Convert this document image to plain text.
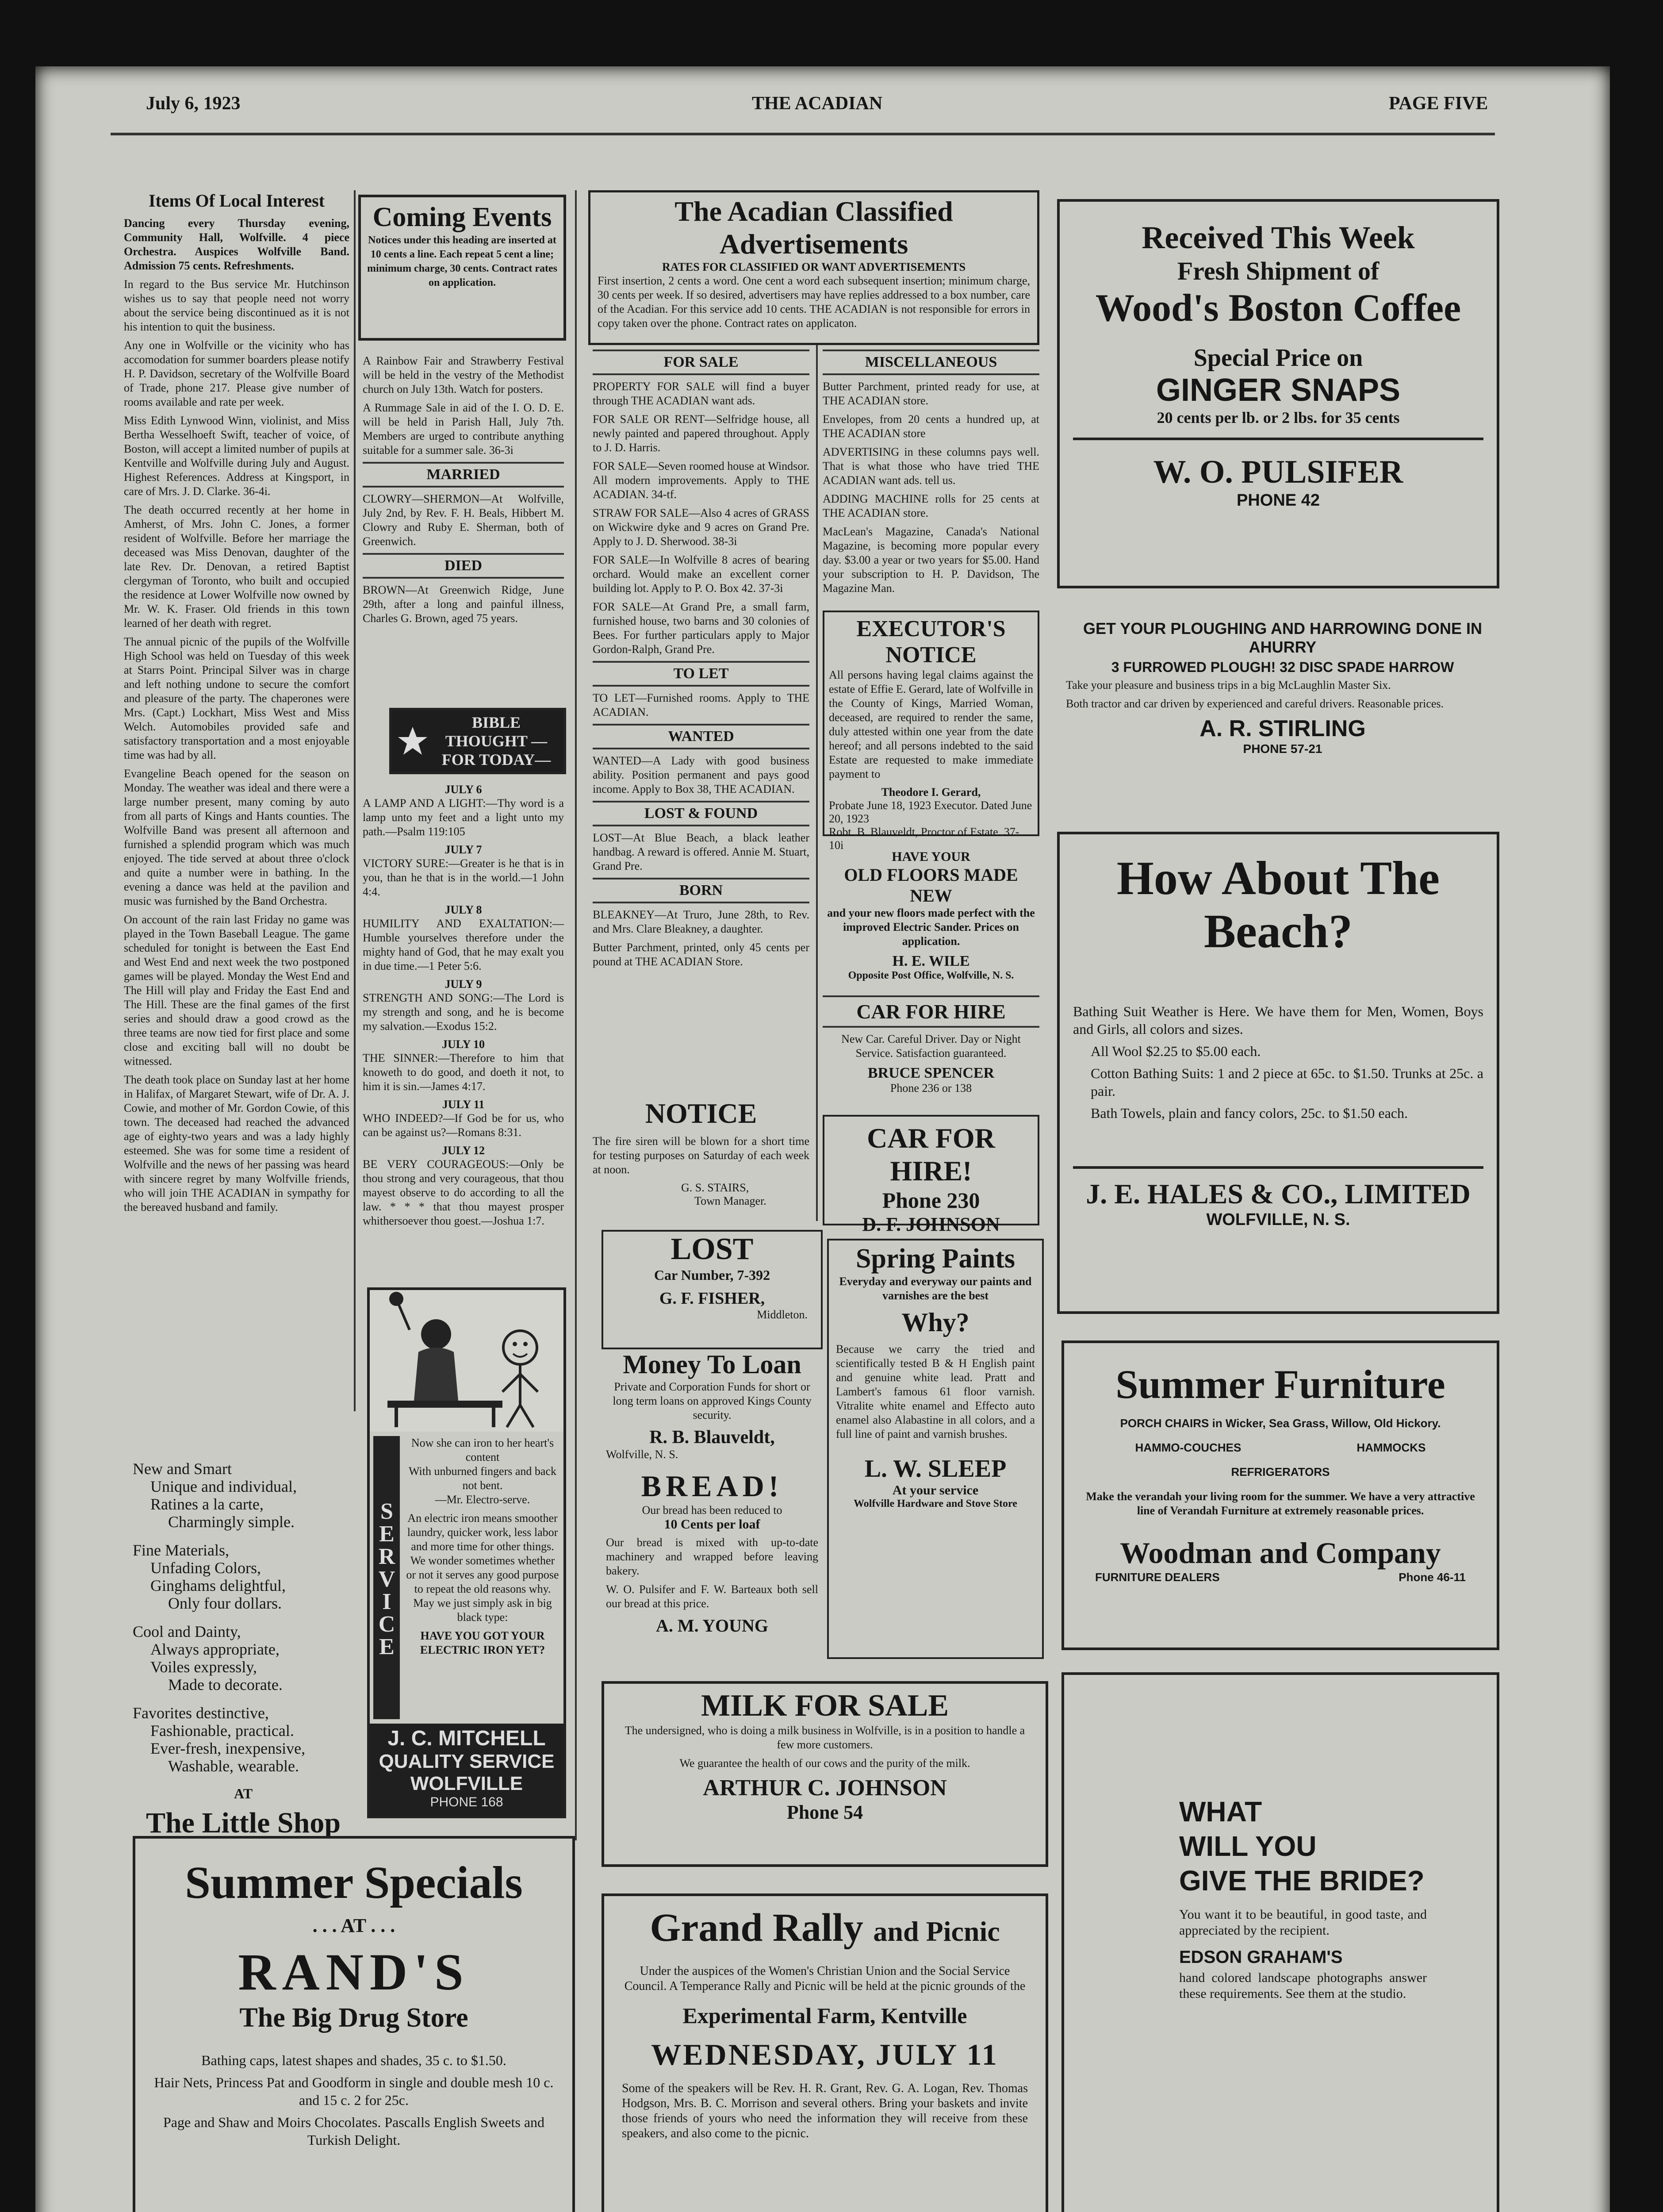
July 6, 1923	THE ACADIAN	PAGE FIVE
Items Of Local Interest

Dancing every Thursday evening, Community Hall, Wolfville. 4 piece Orchestra. Auspices Wolfville Band. Admission 75 cents. Refreshments.

In regard to the Bus service Mr. Hutchinson wishes us to say that people need not worry about the service being discontinued as it is not his intention to quit the business.

Any one in Wolfville or the vicinity who has accomodation for summer boarders please notify H. P. Davidson, secretary of the Wolfville Board of Trade, phone 217. Please give number of rooms available and rate per week.

Miss Edith Lynwood Winn, violinist, and Miss Bertha Wesselhoeft Swift, teacher of voice, of Boston, will accept a limited number of pupils at Kentville and Wolfville during July and August. Highest References. Address at Kingsport, in care of Mrs. J. D. Clarke. 36-4i.

The death occurred recently at her home in Amherst, of Mrs. John C. Jones, a former resident of Wolfville. Before her marriage the deceased was Miss Denovan, daughter of the late Rev. Dr. Denovan, a retired Baptist clergyman of Toronto, who built and occupied the residence at Lower Wolfville now owned by Mr. W. K. Fraser. Old friends in this town learned of her death with regret.

The annual picnic of the pupils of the Wolfville High School was held on Tuesday of this week at Starrs Point. Principal Silver was in charge and left nothing undone to secure the comfort and pleasure of the party. The chaperones were Mrs. (Capt.) Lockhart, Miss West and Miss Welch. Automobiles provided safe and satisfactory transportation and a most enjoyable time was had by all.

Evangeline Beach opened for the season on Monday. The weather was ideal and there were a large number present, many coming by auto from all parts of Kings and Hants counties. The Wolfville Band was present all afternoon and furnished a splendid program which was much enjoyed. The tide served at about three o'clock and quite a number were in bathing. In the evening a dance was held at the pavilion and music was furnished by the Band Orchestra.

On account of the rain last Friday no game was played in the Town Baseball League. The game scheduled for tonight is between the East End and West End and next week the two postponed games will be played. Monday the West End and The Hill will play and Friday the East End and The Hill. These are the final games of the first series and should draw a good crowd as the three teams are now tied for first place and some close and exciting ball will no doubt be witnessed.

The death took place on Sunday last at her home in Halifax, of Margaret Stewart, wife of Dr. A. J. Cowie, and mother of Mr. Gordon Cowie, of this town. The deceased had reached the advanced age of eighty-two years and was a lady highly esteemed. She was for some time a resident of Wolfville and the news of her passing was heard with sincere regret by many Wolfville friends, who will join THE ACADIAN in sympathy for the bereaved husband and family.

New and Smart
Unique and individual,
Ratines a la carte,
Charmingly simple.
Fine Materials,
Unfading Colors,
Ginghams delightful,
Only four dollars.
Cool and Dainty,
Always appropriate,
Voiles expressly,
Made to decorate.
Favorites destinctive,
Fashionable, practical.
Ever-fresh, inexpensive,
Washable, wearable.
AT
The Little Shop
Coming Events

Notices under this heading are inserted at 10 cents a line. Each repeat 5 cent a line; minimum charge, 30 cents. Contract rates on application.

A Rainbow Fair and Strawberry Festival will be held in the vestry of the Methodist church on July 13th. Watch for posters.

A Rummage Sale in aid of the I. O. D. E. will be held in Parish Hall, July 7th. Members are urged to contribute anything suitable for a summer sale. 36-3i

MARRIED

CLOWRY—SHERMON—At Wolfville, July 2nd, by Rev. F. H. Beals, Hibbert M. Clowry and Ruby E. Sherman, both of Greenwich.

DIED

BROWN—At Greenwich Ridge, June 29th, after a long and painful illness, Charles G. Brown, aged 75 years.

BIBLE THOUGHT —FOR TODAY—
JULY 6

A LAMP AND A LIGHT:—Thy word is a lamp unto my feet and a light unto my path.—Psalm 119:105

JULY 7

VICTORY SURE:—Greater is he that is in you, than he that is in the world.—1 John 4:4.

JULY 8

HUMILITY AND EXALTATION:—Humble yourselves therefore under the mighty hand of God, that he may exalt you in due time.—1 Peter 5:6.

JULY 9

STRENGTH AND SONG:—The Lord is my strength and song, and he is become my salvation.—Exodus 15:2.

JULY 10

THE SINNER:—Therefore to him that knoweth to do good, and doeth it not, to him it is sin.—James 4:17.

JULY 11

WHO INDEED?—If God be for us, who can be against us?—Romans 8:31.

JULY 12

BE VERY COURAGEOUS:—Only be thou strong and very courageous, that thou mayest observe to do according to all the law. * * * that thou mayest prosper whithersoever thou goest.—Joshua 1:7.

SERVICE
Now she can iron to her heart's content
With unburned fingers and back not bent.
—Mr. Electro-serve.

An electric iron means smoother laundry, quicker work, less labor and more time for other things. We wonder sometimes whether or not it serves any good purpose to repeat the old reasons why. May we just simply ask in big black type:

HAVE YOU GOT YOUR ELECTRIC IRON YET?

J. C. MITCHELL
QUALITY SERVICE
WOLFVILLE
PHONE 168
Summer Specials
. . . AT . . .
RAND'S
The Big Drug Store

Bathing caps, latest shapes and shades, 35 c. to $1.50.

Hair Nets, Princess Pat and Goodform in single and double mesh 10 c. and 15 c. 2 for 25c.

Page and Shaw and Moirs Chocolates. Pascalls English Sweets and Turkish Delight.

The Acadian Classified Advertisements
RATES FOR CLASSIFIED OR WANT ADVERTISEMENTS

First insertion, 2 cents a word. One cent a word each subsequent insertion; minimum charge, 30 cents per week. If so desired, advertisers may have replies addressed to a box number, care of the Acadian. For this service add 10 cents. THE ACADIAN is not responsible for errors in copy taken over the phone. Contract rates on applicaton.

FOR SALE

PROPERTY FOR SALE will find a buyer through THE ACADIAN want ads.

FOR SALE OR RENT—Selfridge house, all newly painted and papered throughout. Apply to J. D. Harris.

FOR SALE—Seven roomed house at Windsor. All modern improvements. Apply to THE ACADIAN. 34-tf.

STRAW FOR SALE—Also 4 acres of GRASS on Wickwire dyke and 9 acres on Grand Pre. Apply to J. D. Sherwood. 38-3i

FOR SALE—In Wolfville 8 acres of bearing orchard. Would make an excellent corner building lot. Apply to P. O. Box 42. 37-3i

FOR SALE—At Grand Pre, a small farm, furnished house, two barns and 30 colonies of Bees. For further particulars apply to Major Gordon-Ralph, Grand Pre.

TO LET

TO LET—Furnished rooms. Apply to THE ACADIAN.

WANTED

WANTED—A Lady with good business ability. Position permanent and pays good income. Apply to Box 38, THE ACADIAN.

LOST & FOUND

LOST—At Blue Beach, a black leather handbag. A reward is offered. Annie M. Stuart, Grand Pre.

BORN

BLEAKNEY—At Truro, June 28th, to Rev. and Mrs. Clare Bleakney, a daughter.

Butter Parchment, printed, only 45 cents per pound at THE ACADIAN Store.

MISCELLANEOUS

Butter Parchment, printed ready for use, at THE ACADIAN store.

Envelopes, from 20 cents a hundred up, at THE ACADIAN store

ADVERTISING in these columns pays well. That is what those who have tried THE ACADIAN want ads. tell us.

ADDING MACHINE rolls for 25 cents at THE ACADIAN store.

MacLean's Magazine, Canada's National Magazine, is becoming more popular every day. $3.00 a year or two years for $5.00. Hand your subscription to H. P. Davidson, The Magazine Man.

EXECUTOR'S NOTICE

All persons having legal claims against the estate of Effie E. Gerard, late of Wolfville in the County of Kings, Married Woman, deceased, are required to render the same, duly attested within one year from the date hereof; and all persons indebted to the said Estate are requested to make immediate payment to

Theodore I. Gerard,
Probate June 18, 1923 Executor. Dated June 20, 1923
Robt. B. Blauveldt, Proctor of Estate. 37-10i
HAVE YOUR
OLD FLOORS MADE NEW

and your new floors made perfect with the improved Electric Sander. Prices on application.

H. E. WILE
Opposite Post Office, Wolfville, N. S.
CAR FOR HIRE

New Car. Careful Driver. Day or Night Service. Satisfaction guaranteed.

BRUCE SPENCER
Phone 236 or 138
NOTICE

The fire siren will be blown for a short time for testing purposes on Saturday of each week at noon.

G. S. STAIRS,
Town Manager.
CAR FOR HIRE!
Phone 230
D. F. JOHNSON
LOST
Car Number, 7-392
G. F. FISHER,
Middleton.
Money To Loan

Private and Corporation Funds for short or long term loans on approved Kings County security.

R. B. Blauveldt,
Wolfville, N. S.
BREAD!
Our bread has been reduced to
10 Cents per loaf

Our bread is mixed with up-to-date machinery and wrapped before leaving bakery.

W. O. Pulsifer and F. W. Barteaux both sell our bread at this price.

A. M. YOUNG
Spring Paints

Everyday and everyway our paints and varnishes are the best

Why?

Because we carry the tried and scientifically tested B & H English paint and genuine white lead. Pratt and Lambert's famous 61 floor varnish. Vitralite white enamel and Effecto auto enamel also Alabastine in all colors, and a full line of paint and varnish brushes.

L. W. SLEEP
At your service
Wolfville Hardware and Stove Store
MILK FOR SALE

The undersigned, who is doing a milk business in Wolfville, is in a position to handle a few more customers.

We guarantee the health of our cows and the purity of the milk.

ARTHUR C. JOHNSON
Phone 54
Grand Rally and Picnic

Under the auspices of the Women's Christian Union and the Social Service Council. A Temperance Rally and Picnic will be held at the picnic grounds of the

Experimental Farm, Kentville
WEDNESDAY, JULY 11

Some of the speakers will be Rev. H. R. Grant, Rev. G. A. Logan, Rev. Thomas Hodgson, Mrs. B. C. Morrison and several others. Bring your baskets and invite those friends of yours who need the information they will receive from these speakers, and also come to the picnic.

Received This Week
Fresh Shipment of
Wood's Boston Coffee
Special Price on
GINGER SNAPS
20 cents per lb. or 2 lbs. for 35 cents
W. O. PULSIFER
PHONE 42
GET YOUR PLOUGHING AND HARROWING DONE IN AHURRY
3 FURROWED PLOUGH! 32 DISC SPADE HARROW

Take your pleasure and business trips in a big McLaughlin Master Six.

Both tractor and car driven by experienced and careful drivers. Reasonable prices.

A. R. STIRLING
PHONE 57-21
How About The Beach?

Bathing Suit Weather is Here. We have them for Men, Women, Boys and Girls, all colors and sizes.

All Wool $2.25 to $5.00 each.

Cotton Bathing Suits: 1 and 2 piece at 65c. to $1.50. Trunks at 25c. a pair.

Bath Towels, plain and fancy colors, 25c. to $1.50 each.

J. E. HALES & CO., LIMITED
WOLFVILLE, N. S.
Summer Furniture
PORCH CHAIRS in Wicker, Sea Grass, Willow, Old Hickory.
HAMMO-COUCHES	HAMMOCKS
REFRIGERATORS

Make the verandah your living room for the summer. We have a very attractive line of Verandah Furniture at extremely reasonable prices.

Woodman and Company
FURNITURE DEALERS	Phone 46-11
WHAT
WILL YOU
GIVE THE BRIDE?

You want it to be beautiful, in good taste, and appreciated by the recipient.

EDSON GRAHAM'S

hand colored landscape photographs answer these requirements. See them at the studio.
